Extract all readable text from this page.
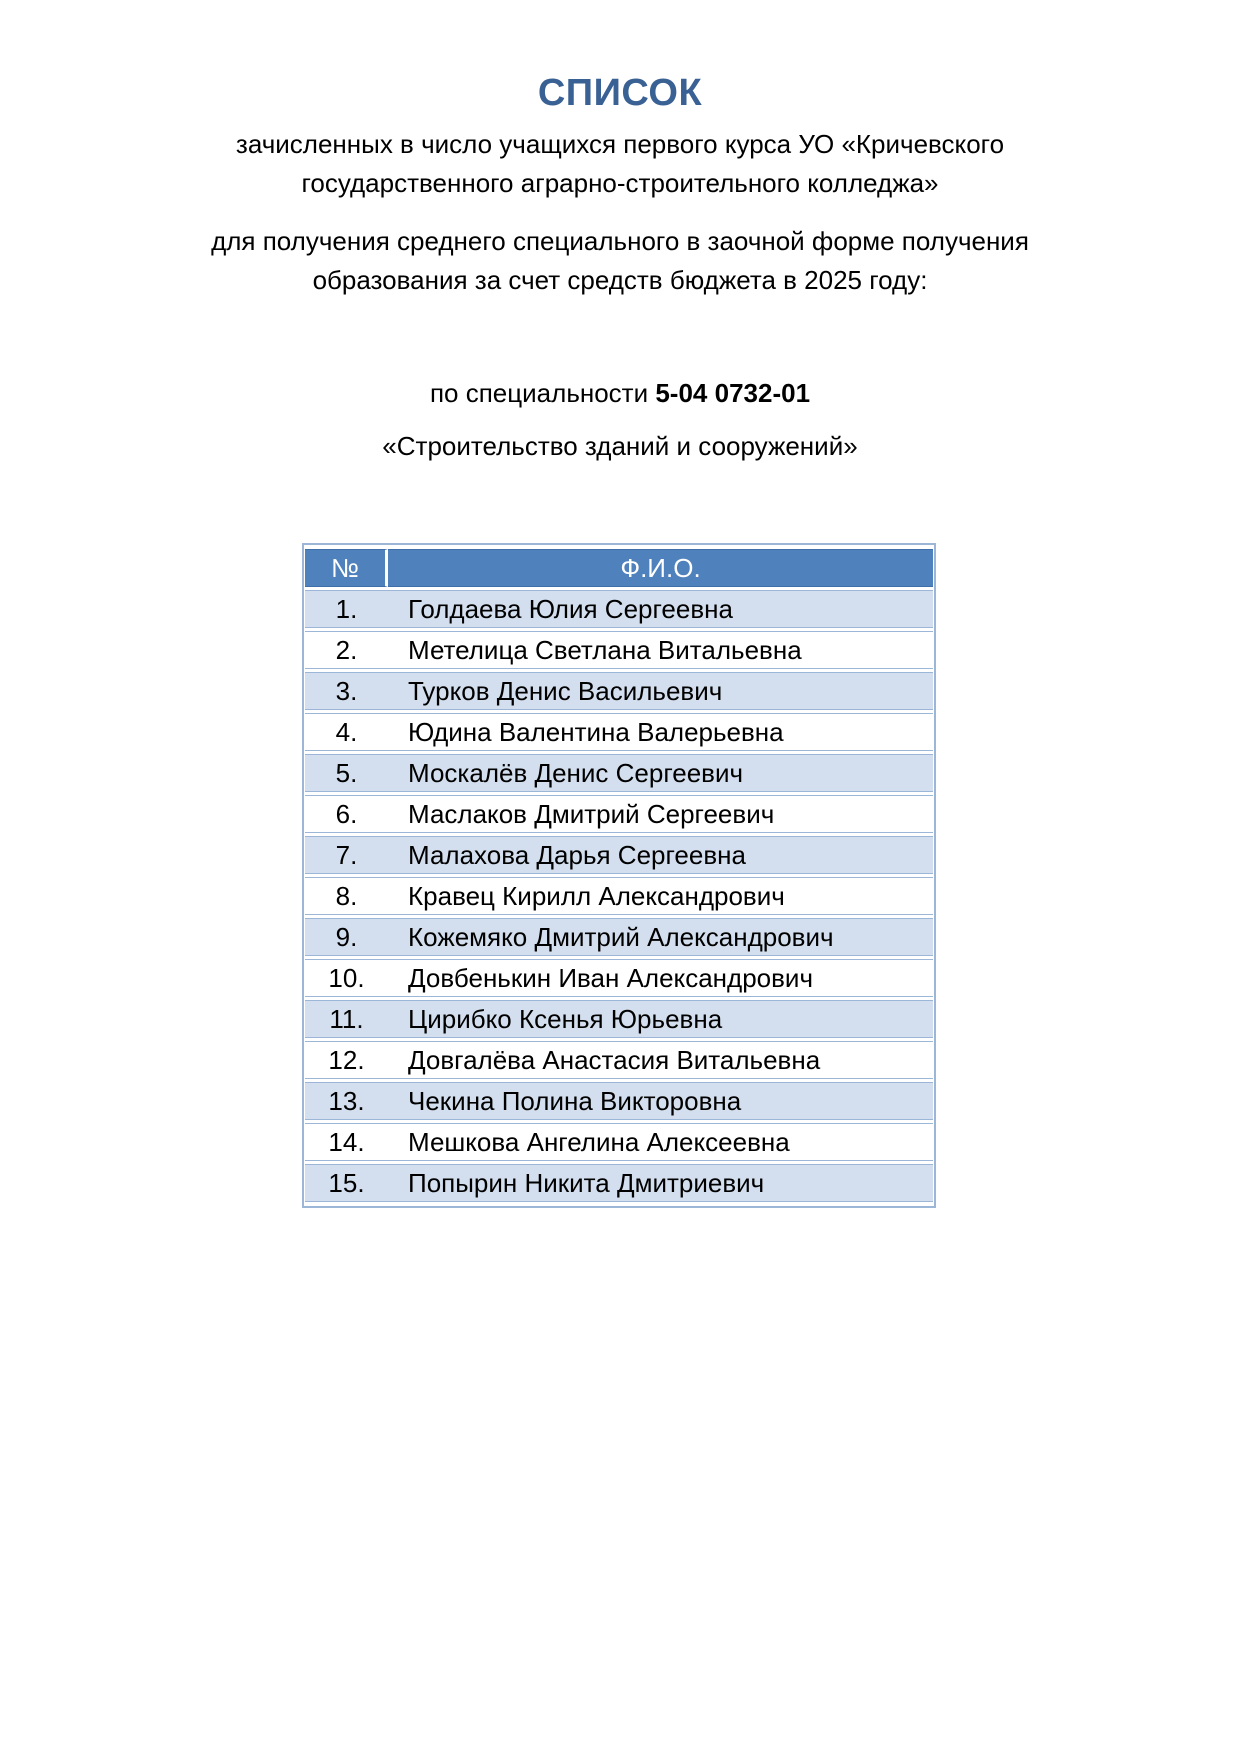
СПИСОК
зачисленных в число учащихся первого курса УО «Кричевского
государственного аграрно-строительного колледжа»
для получения среднего специального в заочной форме получения
образования за счет средств бюджета в 2025 году:
по специальности 5-04 0732-01
«Строительство зданий и сооружений»
№	Ф.И.О.
1.	Голдаева Юлия Сергеевна
2.	Метелица Светлана Витальевна
3.	Турков Денис Васильевич
4.	Юдина Валентина Валерьевна
5.	Москалёв Денис Сергеевич
6.	Маслаков Дмитрий Сергеевич
7.	Малахова Дарья Сергеевна
8.	Кравец Кирилл Александрович
9.	Кожемяко Дмитрий Александрович
10.	Довбенькин Иван Александрович
11.	Цирибко Ксенья Юрьевна
12.	Довгалёва Анастасия Витальевна
13.	Чекина Полина Викторовна
14.	Мешкова Ангелина Алексеевна
15.	Попырин Никита Дмитриевич
